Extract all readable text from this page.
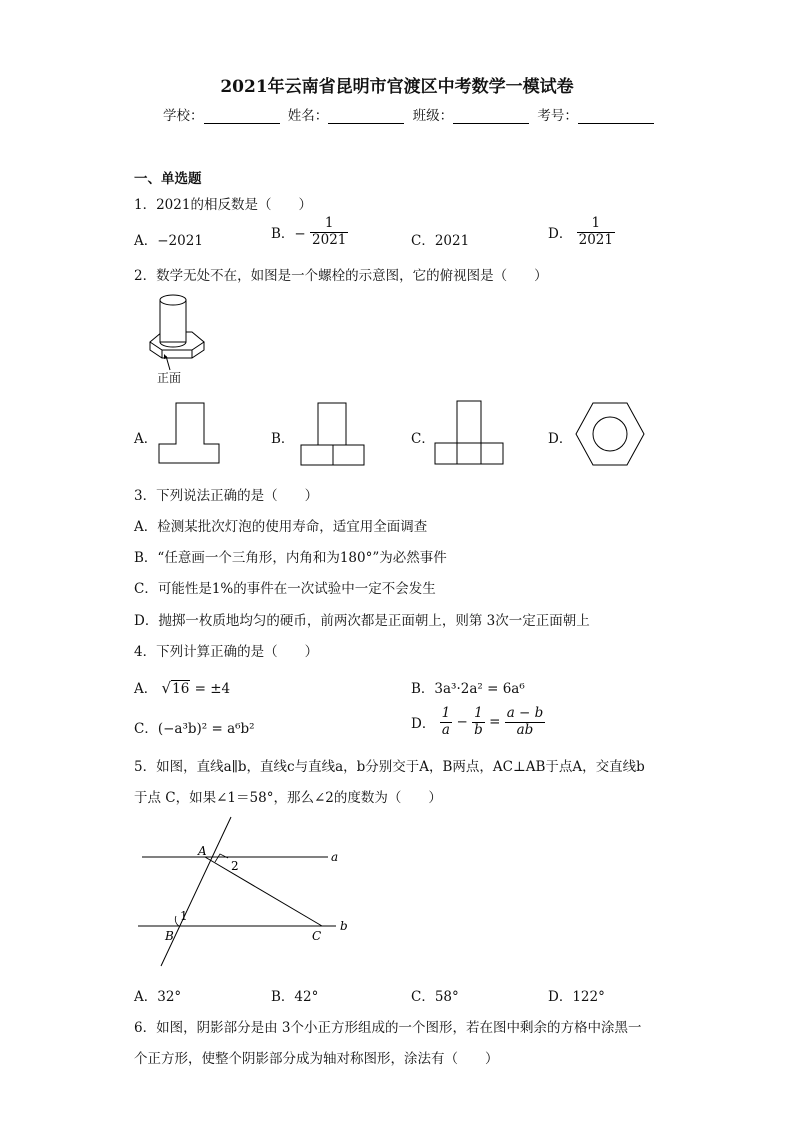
2021年云南省昆明市官渡区中考数学一模试卷
学校：	姓名：	班级：	考号：
一、单选题
1．2021的相反数是（　　）
A．−2021	B．− $\frac{1}{2021}$	C．2021	D． $\frac{1}{2021}$
2．数学无处不在，如图是一个螺栓的示意图，它的俯视图是（　　）
正面
A．	B．	C．	D．
3．下列说法正确的是（　　）
A．检测某批次灯泡的使用寿命，适宜用全面调查
B．“任意画一个三角形，内角和为180°”为必然事件
C．可能性是1%的事件在一次试验中一定不会发生
D．抛掷一枚质地均匀的硬币，前两次都是正面朝上，则第 3次一定正面朝上
4．下列计算正确的是（　　）
A． √16 = ±4	B．3a³·2a² = 6a⁶
C．(−a³b)² = a⁶b²	D． $\frac{1}{a} - \frac{1}{b} = \frac{a - b}{ab}$
5．如图，直线a∥b，直线c与直线a，b分别交于A，B两点，AC⊥AB于点A，交直线b
于点 C，如果∠1＝58°，那么∠2的度数为（　　）
A
B	C
a
b
1
2
A．32°	B．42°	C．58°	D．122°
6．如图，阴影部分是由 3个小正方形组成的一个图形，若在图中剩余的方格中涂黑一
个正方形，使整个阴影部分成为轴对称图形，涂法有（　　）
